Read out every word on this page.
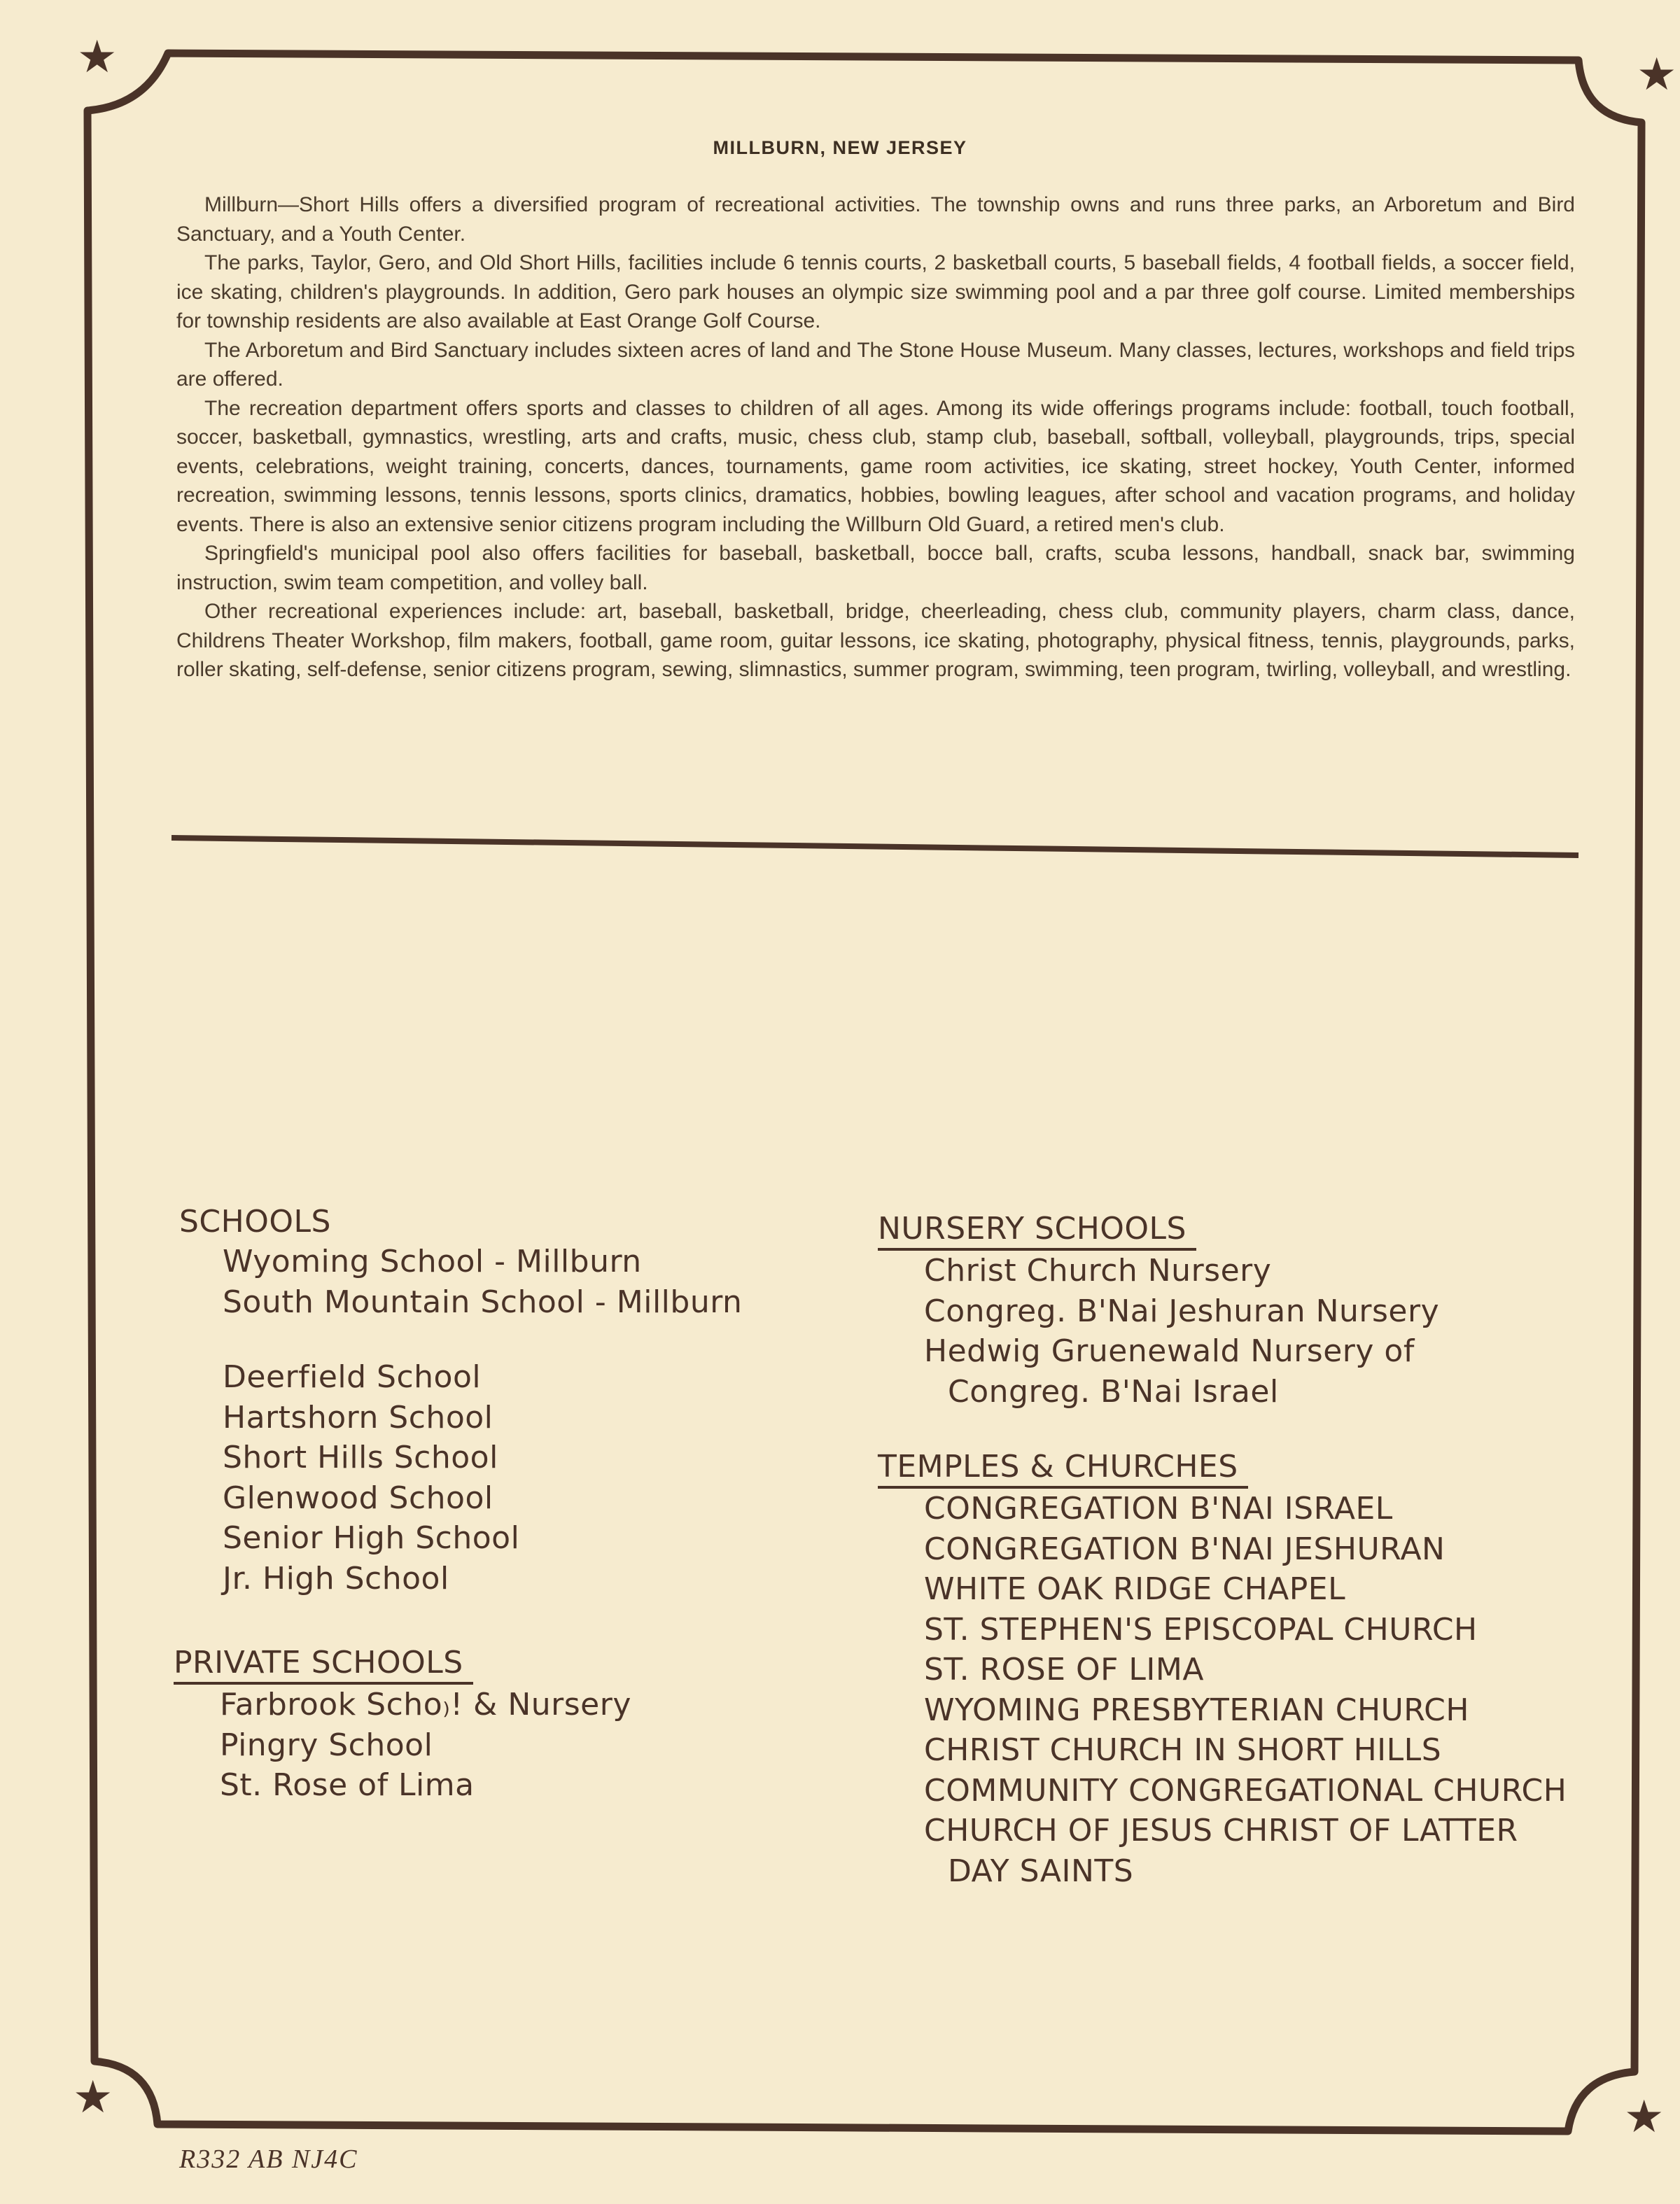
★	★
★	★
MILLBURN, NEW JERSEY

Millburn—Short Hills offers a diversified program of recreational activities. The township owns and runs three parks, an Arboretum and Bird Sanctuary, and a Youth Center.

The parks, Taylor, Gero, and Old Short Hills, facilities include 6 tennis courts, 2 basketball courts, 5 baseball fields, 4 football fields, a soccer field, ice skating, children's playgrounds. In addition, Gero park houses an olympic size swimming pool and a par three golf course. Limited memberships for township residents are also available at East Orange Golf Course.

The Arboretum and Bird Sanctuary includes sixteen acres of land and The Stone House Museum. Many classes, lectures, workshops and field trips are offered.

The recreation department offers sports and classes to children of all ages. Among its wide offerings programs include: football, touch football, soccer, basketball, gymnastics, wrestling, arts and crafts, music, chess club, stamp club, baseball, softball, volleyball, playgrounds, trips, special events, celebrations, weight training, concerts, dances, tournaments, game room activities, ice skating, street hockey, Youth Center, informed recreation, swimming lessons, tennis lessons, sports clinics, dramatics, hobbies, bowling leagues, after school and vacation programs, and holiday events. There is also an extensive senior citizens program including the Willburn Old Guard, a retired men's club.

Springfield's municipal pool also offers facilities for baseball, basketball, bocce ball, crafts, scuba lessons, handball, snack bar, swimming instruction, swim team competition, and volley ball.

Other recreational experiences include: art, baseball, basketball, bridge, cheerleading, chess club, community players, charm class, dance, Childrens Theater Workshop, film makers, football, game room, guitar lessons, ice skating, photography, physical fitness, tennis, playgrounds, parks, roller skating, self-defense, senior citizens program, sewing, slimnastics, summer program, swimming, teen program, twirling, volleyball, and wrestling.

SCHOOLS
Wyoming School - Millburn
South Mountain School - Millburn
Deerfield School
Hartshorn School
Short Hills School
Glenwood School
Senior High School
Jr. High School
PRIVATE SCHOOLS
Farbrook Scho₎! & Nursery
Pingry School
St. Rose of Lima
NURSERY SCHOOLS
Christ Church Nursery
Congreg. B'Nai Jeshuran Nursery
Hedwig Gruenewald Nursery of
Congreg. B'Nai Israel
TEMPLES & CHURCHES
CONGREGATION B'NAI ISRAEL
CONGREGATION B'NAI JESHURAN
WHITE OAK RIDGE CHAPEL
ST. STEPHEN'S EPISCOPAL CHURCH
ST. ROSE OF LIMA
WYOMING PRESBYTERIAN CHURCH
CHRIST CHURCH IN SHORT HILLS
COMMUNITY CONGREGATIONAL CHURCH
CHURCH OF JESUS CHRIST OF LATTER
DAY SAINTS
R332 AB NJ4C
